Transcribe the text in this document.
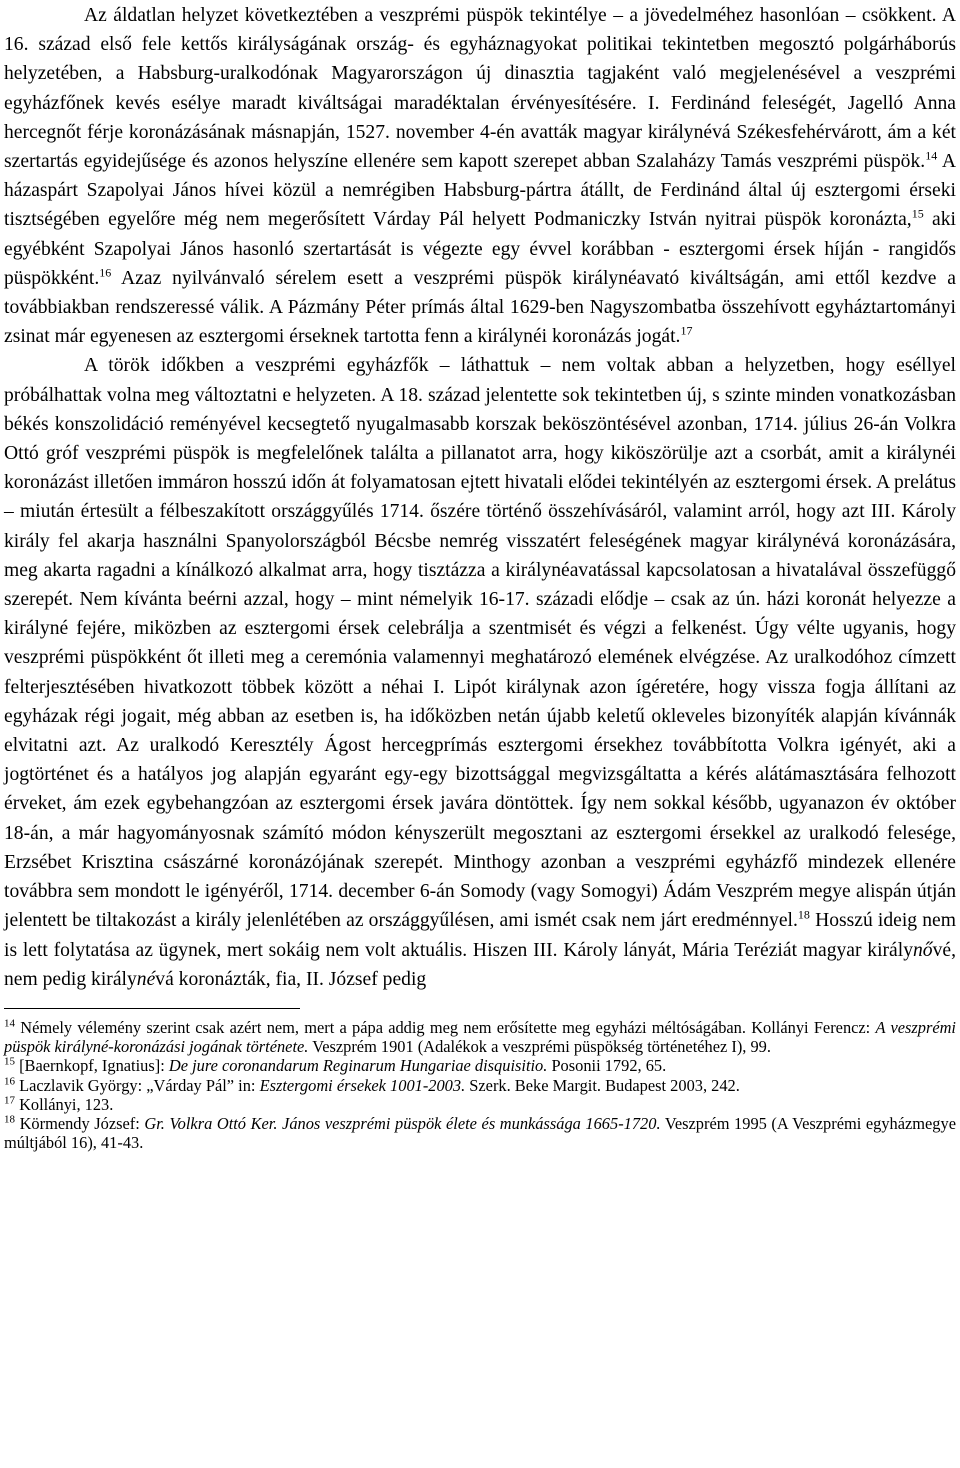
Az áldatlan helyzet következtében a veszprémi püspök tekintélye – a jövedelméhez hasonlóan – csökkent. A 16. század első fele kettős királyságának ország- és egyháznagyokat politikai tekintetben megosztó polgárháborús helyzetében, a Habsburg-uralkodónak Magyarországon új dinasztia tagjaként való megjelenésével a veszprémi egyházfőnek kevés esélye maradt kiváltságai maradéktalan érvényesítésére. I. Ferdinánd feleségét, Jagelló Anna hercegnőt férje koronázásának másnapján, 1527. november 4-én avatták magyar királynévá Székesfehérvárott, ám a két szertartás egyidejűsége és azonos helyszíne ellenére sem kapott szerepet abban Szalaházy Tamás veszprémi püspök.$^{14}$ A házaspárt Szapolyai János hívei közül a nemrégiben Habsburg-pártra átállt, de Ferdinánd által új esztergomi érseki tisztségében egyelőre még nem megerősített Várday Pál helyett Podmaniczky István nyitrai püspök koronázta,$^{15}$ aki egyébként Szapolyai János hasonló szertartását is végezte egy évvel korábban - esztergomi érsek híján - rangidős püspökként.$^{16}$ Azaz nyilvánvaló sérelem esett a veszprémi püspök királynéavató kiváltságán, ami ettől kezdve a továbbiakban rendszeressé válik. A Pázmány Péter prímás által 1629-ben Nagyszombatba összehívott egyháztartományi zsinat már egyenesen az esztergomi érseknek tartotta fenn a királynéi koronázás jogát.$^{17}$

A török időkben a veszprémi egyházfők – láthattuk – nem voltak abban a helyzetben, hogy eséllyel próbálhattak volna meg változtatni e helyzeten. A 18. század jelentette sok tekintetben új, s szinte minden vonatkozásban békés konszolidáció reményével kecsegtető nyugalmasabb korszak beköszöntésével azonban, 1714. július 26-án Volkra Ottó gróf veszprémi püspök is megfelelőnek találta a pillanatot arra, hogy kiköszörülje azt a csorbát, amit a királynéi koronázást illetően immáron hosszú időn át folyamatosan ejtett hivatali elődei tekintélyén az esztergomi érsek. A prelátus – miután értesült a félbeszakított országgyűlés 1714. őszére történő összehívásáról, valamint arról, hogy azt III. Károly király fel akarja használni Spanyolországból Bécsbe nemrég visszatért feleségének magyar királynévá koronázására, meg akarta ragadni a kínálkozó alkalmat arra, hogy tisztázza a királynéavatással kapcsolatosan a hivatalával összefüggő szerepét. Nem kívánta beérni azzal, hogy – mint némelyik 16-17. századi elődje – csak az ún. házi koronát helyezze a királyné fejére, miközben az esztergomi érsek celebrálja a szentmisét és végzi a felkenést. Úgy vélte ugyanis, hogy veszprémi püspökként őt illeti meg a ceremónia valamennyi meghatározó elemének elvégzése. Az uralkodóhoz címzett felterjesztésében hivatkozott többek között a néhai I. Lipót királynak azon ígéretére, hogy vissza fogja állítani az egyházak régi jogait, még abban az esetben is, ha időközben netán újabb keletű okleveles bizonyíték alapján kívánnák elvitatni azt. Az uralkodó Keresztély Ágost hercegprímás esztergomi érsekhez továbbította Volkra igényét, aki a jogtörténet és a hatályos jog alapján egyaránt egy-egy bizottsággal megvizsgáltatta a kérés alátámasztására felhozott érveket, ám ezek egybehangzóan az esztergomi érsek javára döntöttek. Így nem sokkal később, ugyanazon év október 18-án, a már hagyományosnak számító módon kényszerült megosztani az esztergomi érsekkel az uralkodó felesége, Erzsébet Krisztina császárné koronázójának szerepét. Minthogy azonban a veszprémi egyházfő mindezek ellenére továbbra sem mondott le igényéről, 1714. december 6-án Somody (vagy Somogyi) Ádám Veszprém megye alispán útján jelentett be tiltakozást a király jelenlétében az országgyűlésen, ami ismét csak nem járt eredménnyel.$^{18}$ Hosszú ideig nem is lett folytatása az ügynek, mert sokáig nem volt aktuális. Hiszen III. Károly lányát, Mária Teréziát magyar királynővé, nem pedig királynévá koronázták, fia, II. József pedig

$^{14}$ Némely vélemény szerint csak azért nem, mert a pápa addig meg nem erősítette meg egyházi méltóságában. Kollányi Ferencz: A veszprémi püspök királyné-koronázási jogának története. Veszprém 1901 (Adalékok a veszprémi püspökség történetéhez I), 99.

$^{15}$ [Baernkopf, Ignatius]: De jure coronandarum Reginarum Hungariae disquisitio. Posonii 1792, 65.

$^{16}$ Laczlavik György: „Várday Pál” in: Esztergomi érsekek 1001-2003. Szerk. Beke Margit. Budapest 2003, 242.

$^{17}$ Kollányi, 123.

$^{18}$ Körmendy József: Gr. Volkra Ottó Ker. János veszprémi püspök élete és munkássága 1665-1720. Veszprém 1995 (A Veszprémi egyházmegye múltjából 16), 41-43.
